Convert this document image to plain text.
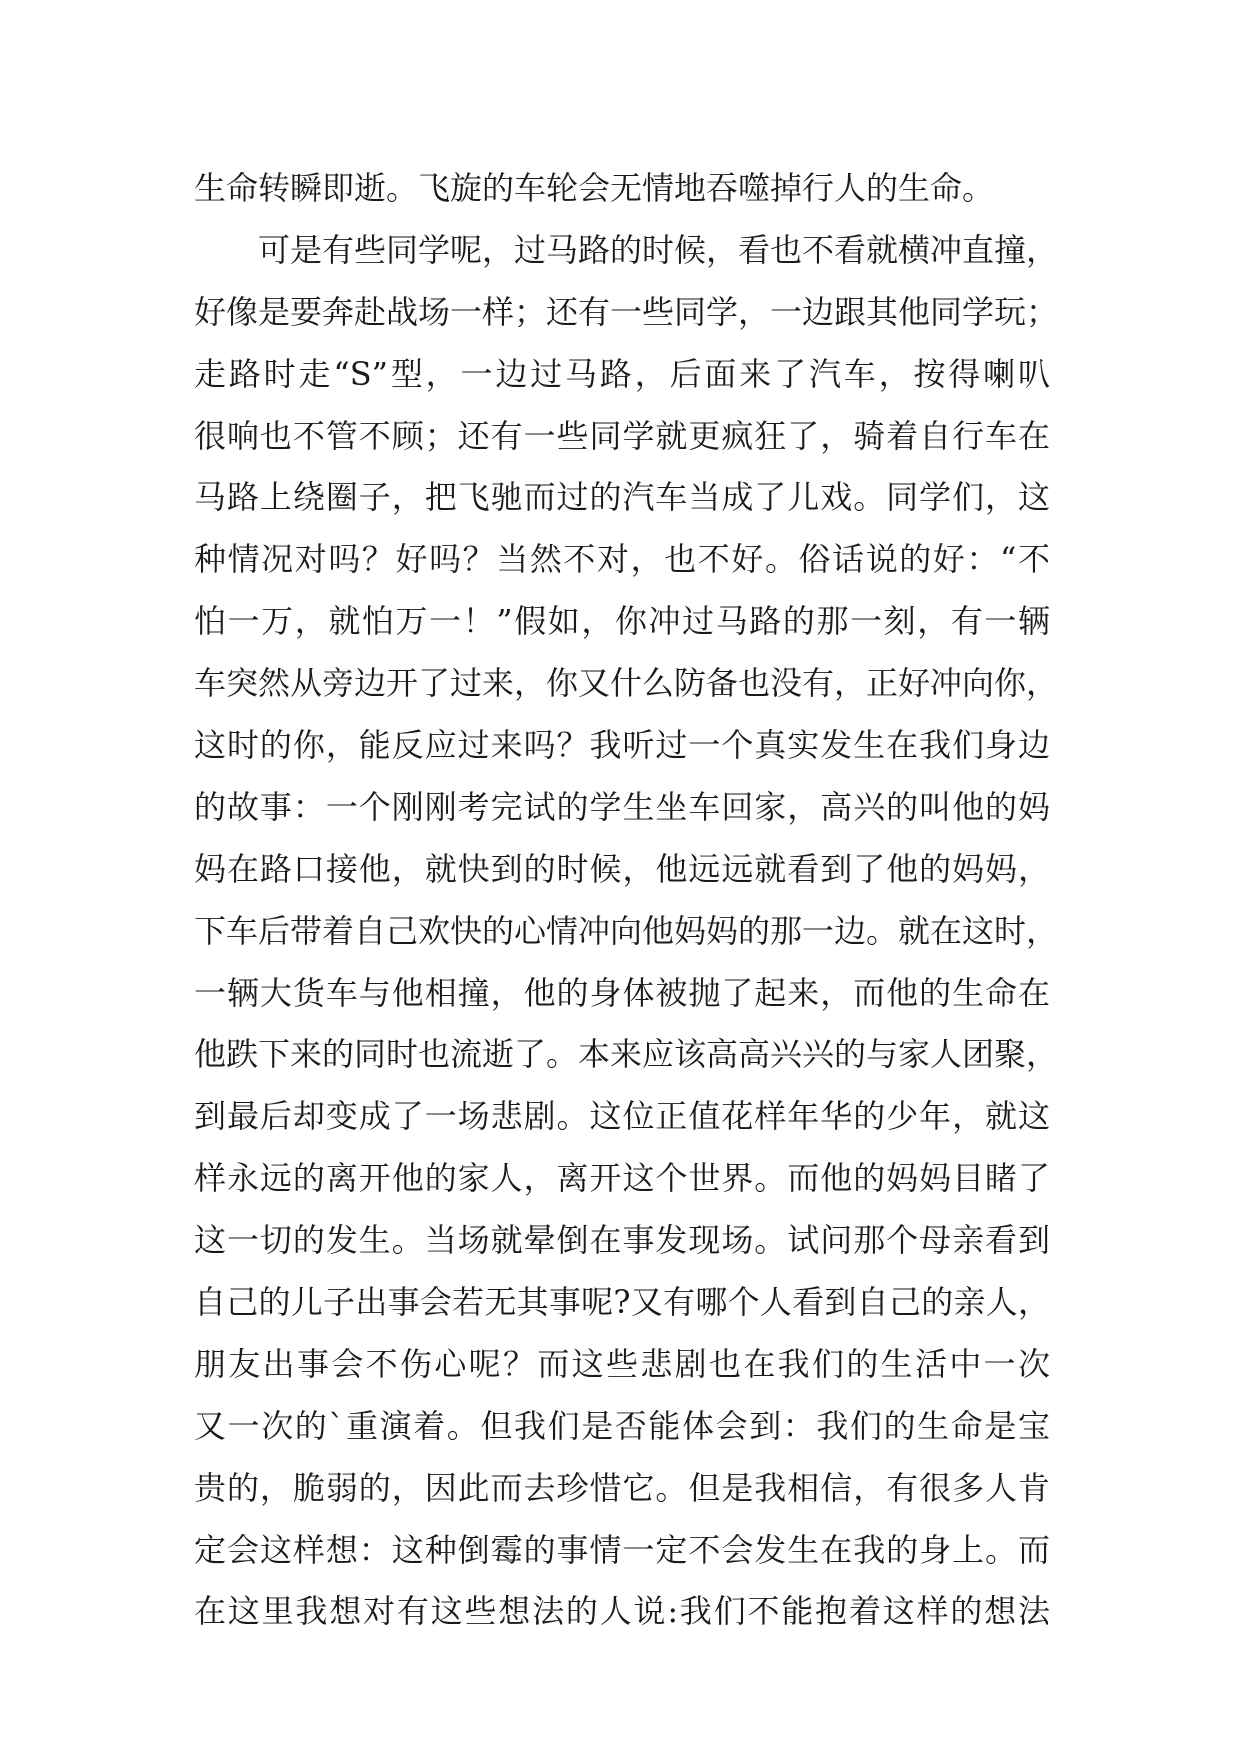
生命转瞬即逝。飞旋的车轮会无情地吞噬掉行人的生命。
可是有些同学呢，过马路的时候，看也不看就横冲直撞，
好像是要奔赴战场一样；还有一些同学，一边跟其他同学玩；
走路时走“S”型，一边过马路，后面来了汽车，按得喇叭
很响也不管不顾；还有一些同学就更疯狂了，骑着自行车在
马路上绕圈子，把飞驰而过的汽车当成了儿戏。同学们，这
种情况对吗？好吗？当然不对，也不好。俗话说的好：“不
怕一万，就怕万一！”假如，你冲过马路的那一刻，有一辆
车突然从旁边开了过来，你又什么防备也没有，正好冲向你，
这时的你，能反应过来吗？我听过一个真实发生在我们身边
的故事：一个刚刚考完试的学生坐车回家，高兴的叫他的妈
妈在路口接他，就快到的时候，他远远就看到了他的妈妈，
下车后带着自己欢快的心情冲向他妈妈的那一边。就在这时，
一辆大货车与他相撞，他的身体被抛了起来，而他的生命在
他跌下来的同时也流逝了。本来应该高高兴兴的与家人团聚，
到最后却变成了一场悲剧。这位正值花样年华的少年，就这
样永远的离开他的家人，离开这个世界。而他的妈妈目睹了
这一切的发生。当场就晕倒在事发现场。试问那个母亲看到
自己的儿子出事会若无其事呢?又有哪个人看到自己的亲人，
朋友出事会不伤心呢？而这些悲剧也在我们的生活中一次
又一次的`重演着。但我们是否能体会到：我们的生命是宝
贵的，脆弱的，因此而去珍惜它。但是我相信，有很多人肯
定会这样想：这种倒霉的事情一定不会发生在我的身上。而
在这里我想对有这些想法的人说:我们不能抱着这样的想法
